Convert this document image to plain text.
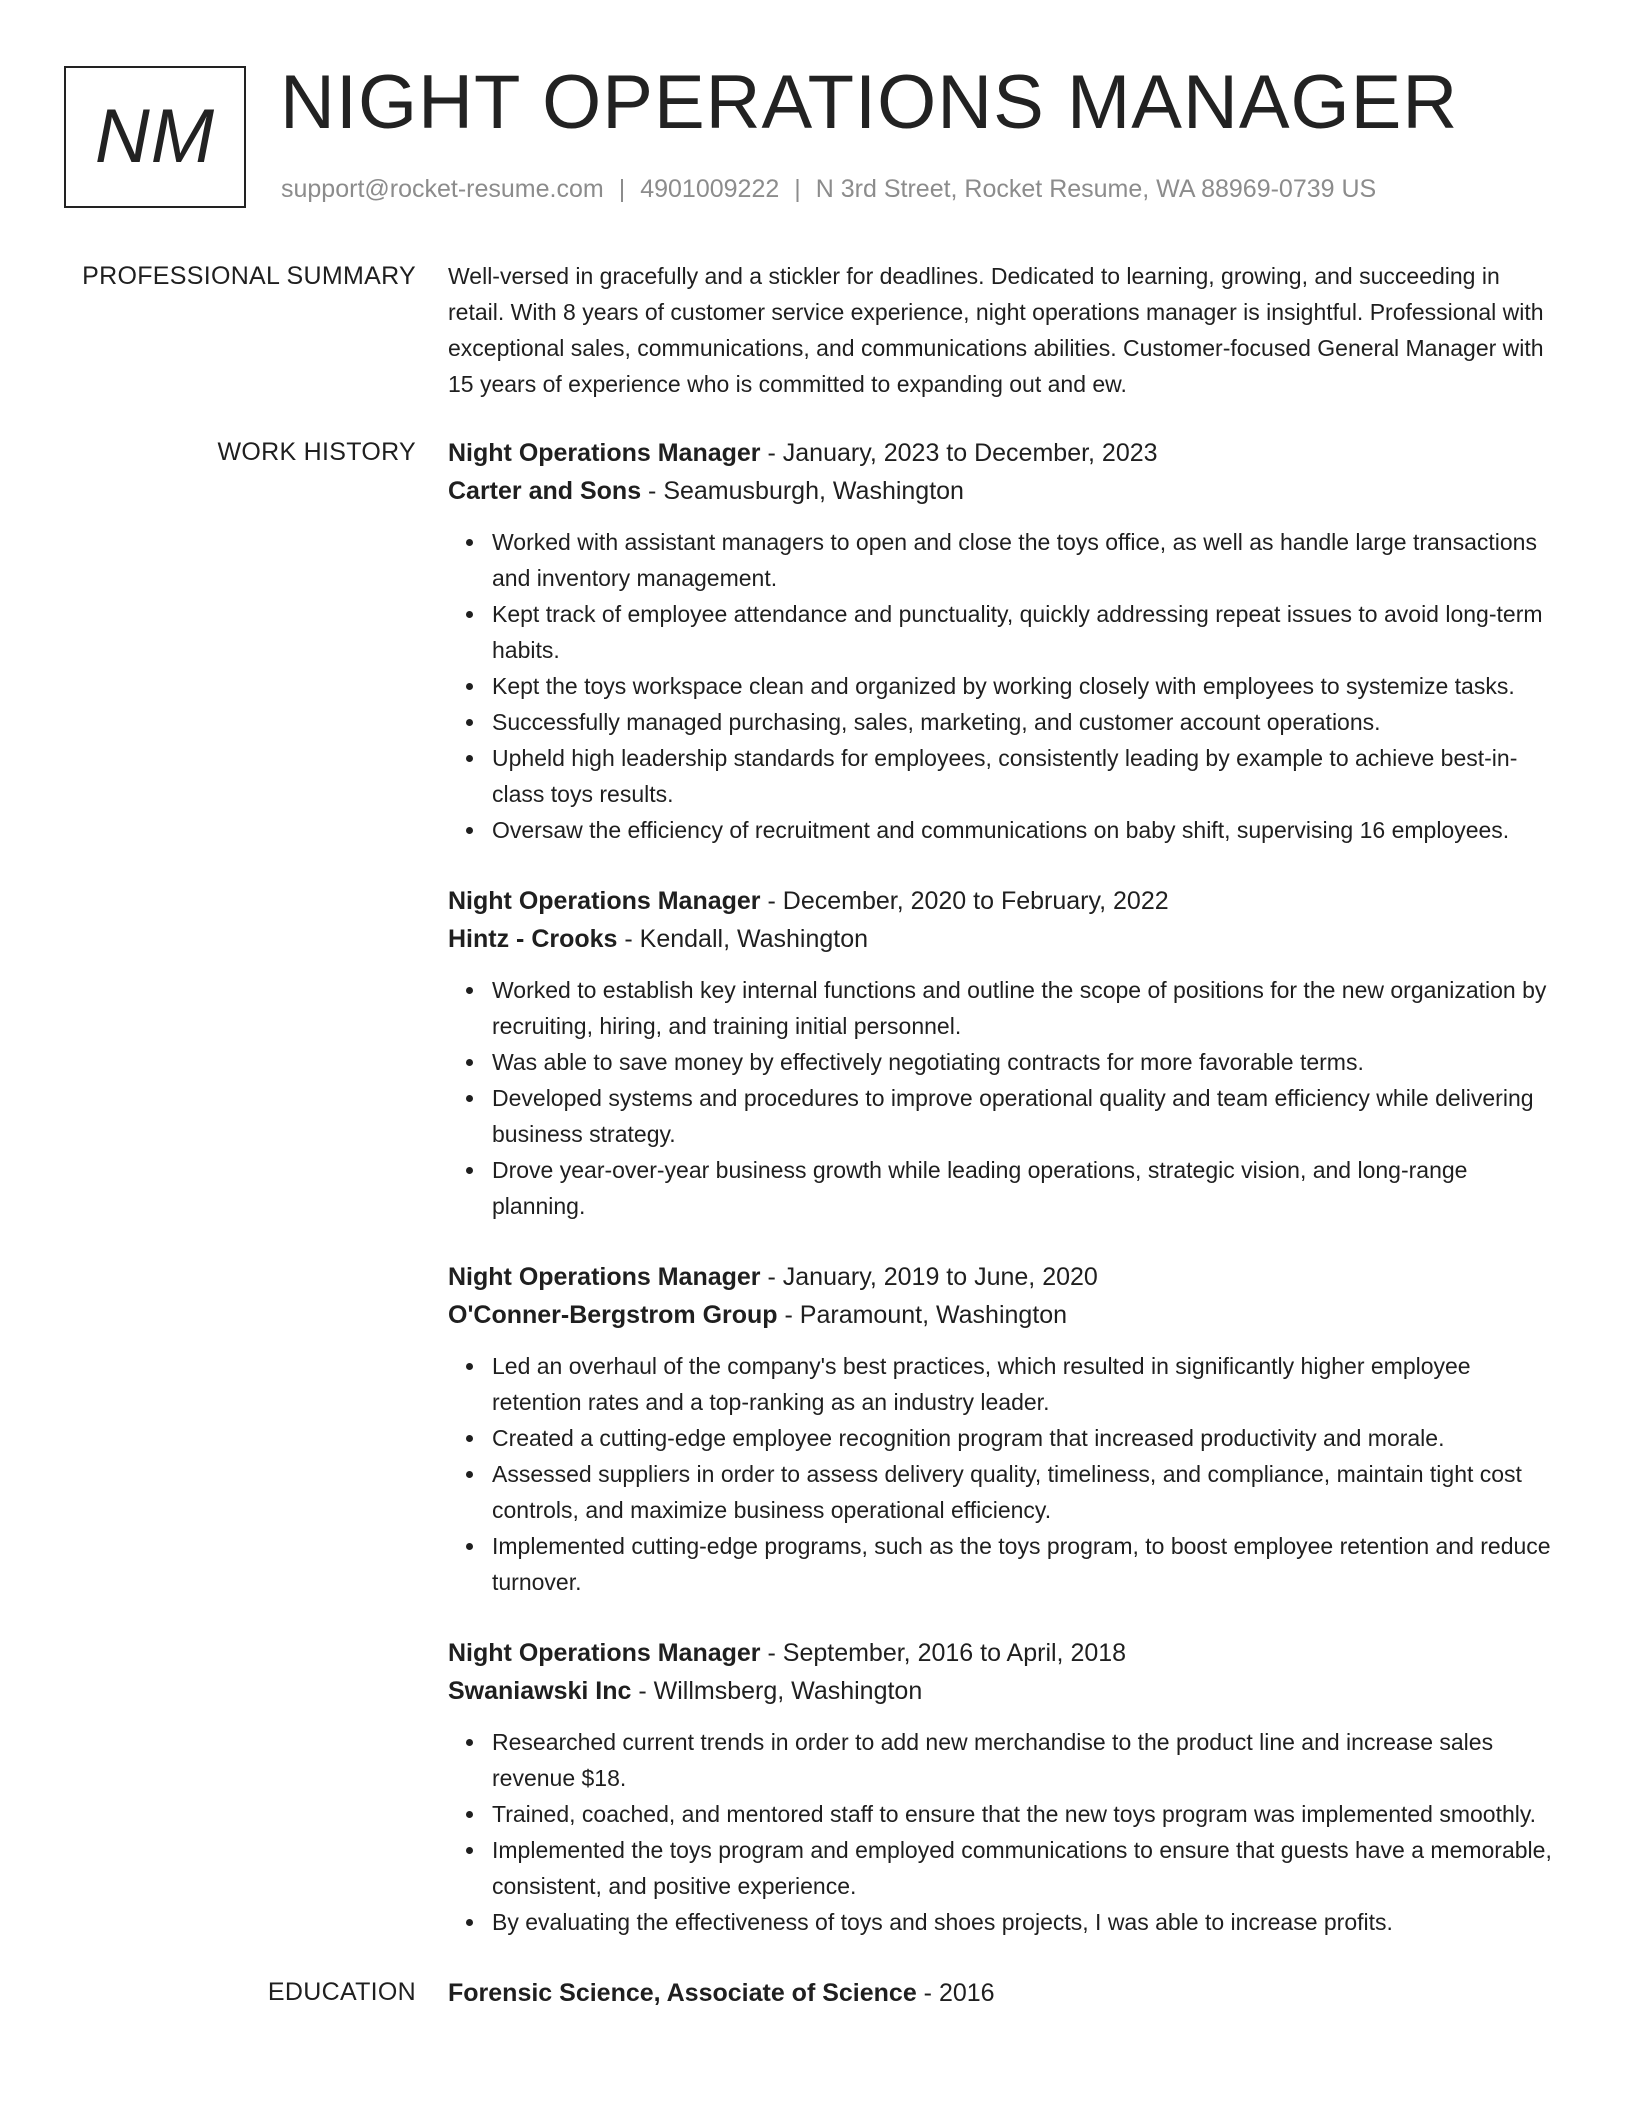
NM NIGHT OPERATIONS MANAGER
support@rocket-resume.com | 4901009222 | N 3rd Street, Rocket Resume, WA 88969-0739 US
PROFESSIONAL SUMMARY Well-versed in gracefully and a stickler for deadlines. Dedicated to learning, growing, and succeeding in retail. With 8 years of customer service experience, night operations manager is insightful. Professional with exceptional sales, communications, and communications abilities. Customer-focused General Manager with 15 years of experience who is committed to expanding out and ew.

WORK HISTORY Night Operations Manager - January, 2023 to December, 2023
Carter and Sons - Seamusburgh, Washington
Worked with assistant managers to open and close the toys office, as well as handle large transactions and inventory management.
Kept track of employee attendance and punctuality, quickly addressing repeat issues to avoid long-term habits.
Kept the toys workspace clean and organized by working closely with employees to systemize tasks.
Successfully managed purchasing, sales, marketing, and customer account operations.
Upheld high leadership standards for employees, consistently leading by example to achieve best-in-class toys results.
Oversaw the efficiency of recruitment and communications on baby shift, supervising 16 employees.
Night Operations Manager - December, 2020 to February, 2022
Hintz - Crooks - Kendall, Washington
Worked to establish key internal functions and outline the scope of positions for the new organization by recruiting, hiring, and training initial personnel.
Was able to save money by effectively negotiating contracts for more favorable terms.
Developed systems and procedures to improve operational quality and team efficiency while delivering business strategy.
Drove year-over-year business growth while leading operations, strategic vision, and long-range planning.
Night Operations Manager - January, 2019 to June, 2020
O'Conner-Bergstrom Group - Paramount, Washington
Led an overhaul of the company's best practices, which resulted in significantly higher employee retention rates and a top-ranking as an industry leader.
Created a cutting-edge employee recognition program that increased productivity and morale.
Assessed suppliers in order to assess delivery quality, timeliness, and compliance, maintain tight cost controls, and maximize business operational efficiency.
Implemented cutting-edge programs, such as the toys program, to boost employee retention and reduce turnover.
Night Operations Manager - September, 2016 to April, 2018
Swaniawski Inc - Willmsberg, Washington
Researched current trends in order to add new merchandise to the product line and increase sales revenue $18.
Trained, coached, and mentored staff to ensure that the new toys program was implemented smoothly.
Implemented the toys program and employed communications to ensure that guests have a memorable, consistent, and positive experience.
By evaluating the effectiveness of toys and shoes projects, I was able to increase profits.
EDUCATION Forensic Science, Associate of Science - 2016
